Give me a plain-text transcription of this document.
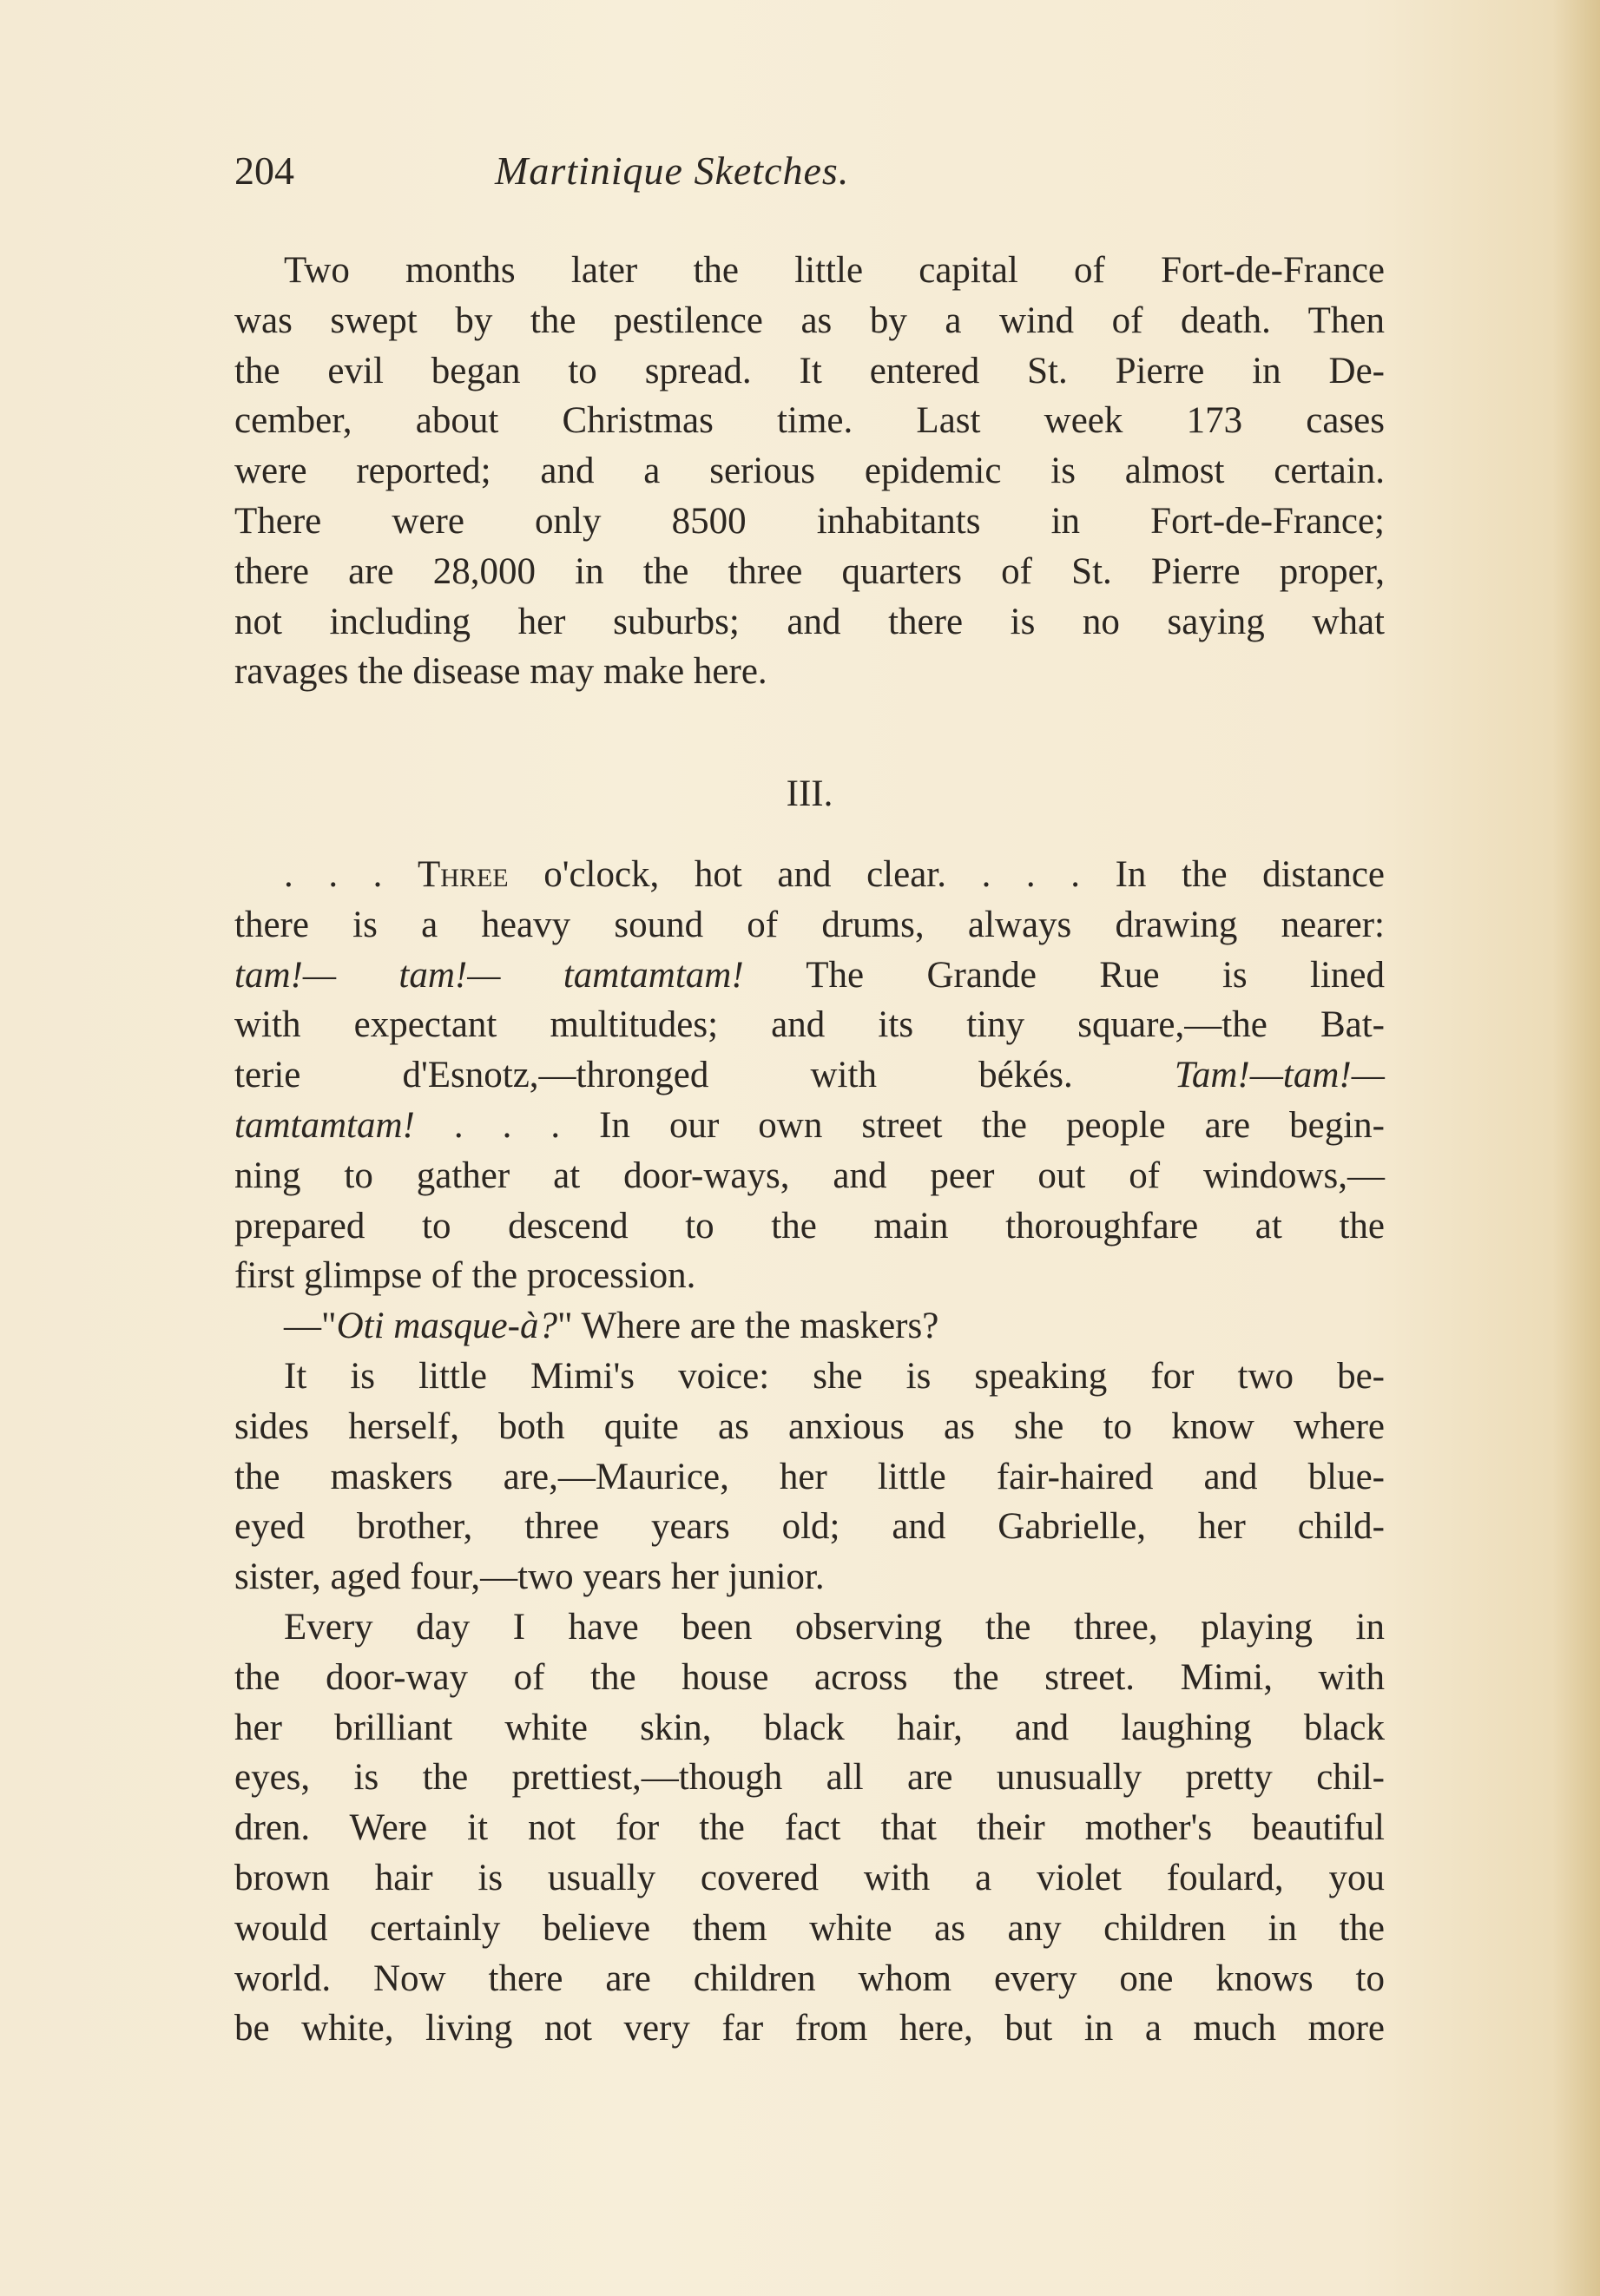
204	Martinique Sketches.
Two months later the little capital of Fort-de-France
was swept by the pestilence as by a wind of death. Then
the evil began to spread. It entered St. Pierre in De-
cember, about Christmas time. Last week 173 cases
were reported; and a serious epidemic is almost certain.
There were only 8500 inhabitants in Fort-de-France;
there are 28,000 in the three quarters of St. Pierre proper,
not including her suburbs; and there is no saying what
ravages the disease may make here.
III.
. . . Three o'clock, hot and clear. . . . In the distance
there is a heavy sound of drums, always drawing nearer:
tam!— tam!— tamtamtam! The Grande Rue is lined
with expectant multitudes; and its tiny square,—the Bat-
terie d'Esnotz,—thronged with békés. Tam!—tam!—
tamtamtam! . . . In our own street the people are begin-
ning to gather at door-ways, and peer out of windows,—
prepared to descend to the main thoroughfare at the
first glimpse of the procession.
—"Oti masque-à?" Where are the maskers?
It is little Mimi's voice: she is speaking for two be-
sides herself, both quite as anxious as she to know where
the maskers are,—Maurice, her little fair-haired and blue-
eyed brother, three years old; and Gabrielle, her child-
sister, aged four,—two years her junior.
Every day I have been observing the three, playing in
the door-way of the house across the street. Mimi, with
her brilliant white skin, black hair, and laughing black
eyes, is the prettiest,—though all are unusually pretty chil-
dren. Were it not for the fact that their mother's beautiful
brown hair is usually covered with a violet foulard, you
would certainly believe them white as any children in the
world. Now there are children whom every one knows to
be white, living not very far from here, but in a much more
